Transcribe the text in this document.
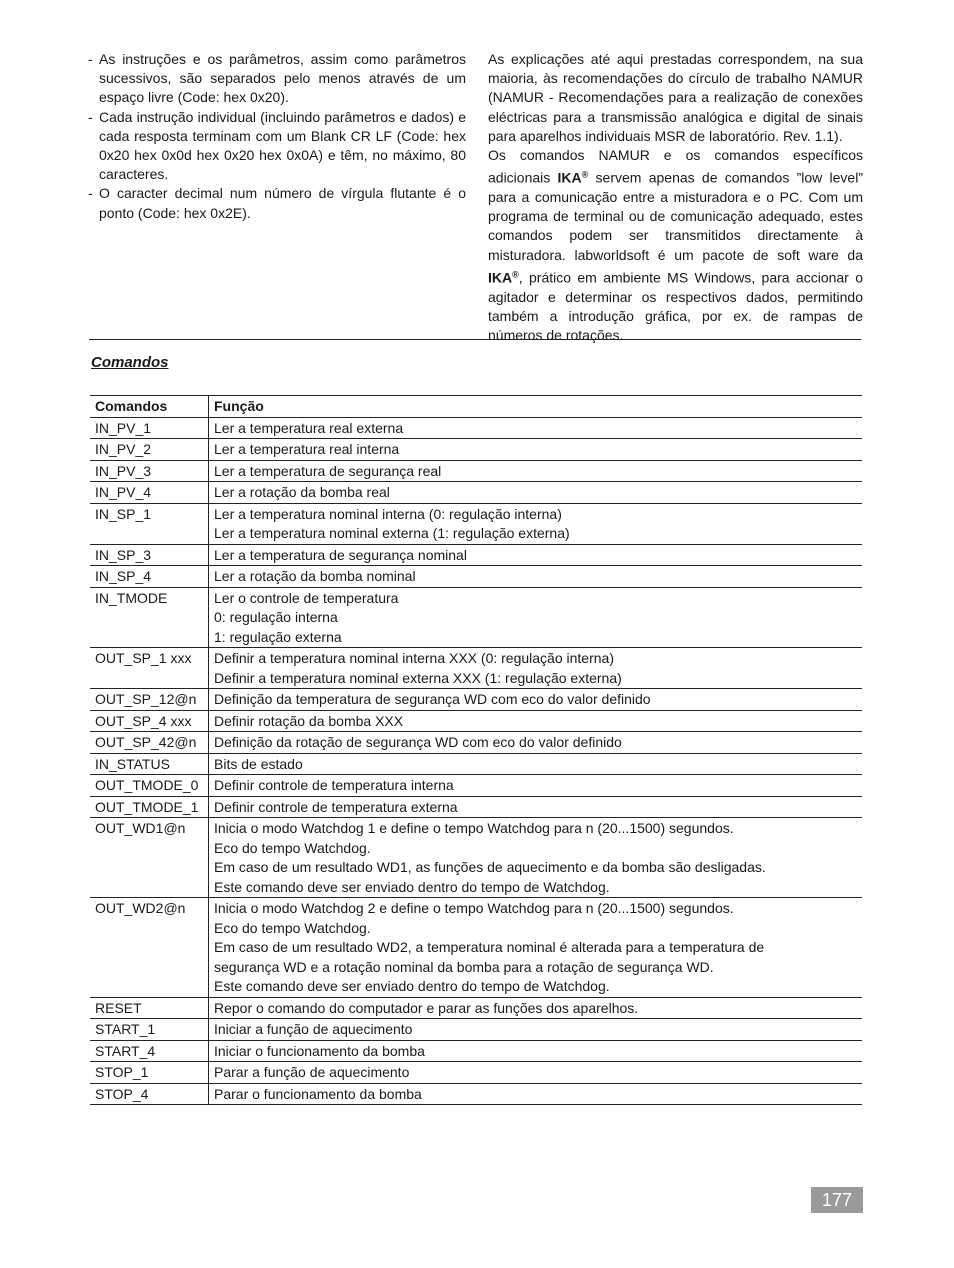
- As instruções e os parâmetros, assim como parâmetros sucessivos, são separados pelo menos através de um espaço livre (Code: hex 0x20).

- Cada instrução individual (incluindo parâmetros e dados) e cada resposta terminam com um Blank CR LF (Code: hex 0x20 hex 0x0d hex 0x20 hex 0x0A) e têm, no máximo, 80 caracteres.

- O caracter decimal num número de vírgula flutante é o ponto (Code: hex 0x2E).

As explicações até aqui prestadas correspondem, na sua maioria, às recomendações do círculo de trabalho NAMUR (NAMUR - Recomendações para a realização de conexões eléctricas para a transmissão analógica e digital de sinais para aparelhos individuais MSR de laboratório. Rev. 1.1).

Os comandos NAMUR e os comandos específicos adicionais IKA® servem apenas de comandos ”low level” para a comunicação entre a misturadora e o PC. Com um programa de terminal ou de comunicação adequado, estes comandos podem ser transmitidos directamente à misturadora. labworldsoft é um pacote de soft ware da IKA®, prático em ambiente MS Windows, para accionar o agitador e determinar os respectivos dados, permitindo também a introdução gráfica, por ex. de rampas de números de rotações.

Comandos
Comandos	Função
IN_PV_1	Ler a temperatura real externa

IN_PV_2	Ler a temperatura real interna

IN_PV_3	Ler a temperatura de segurança real

IN_PV_4	Ler a rotação da bomba real

IN_SP_1	Ler a temperatura nominal interna (0: regulação interna)
Ler a temperatura nominal externa (1: regulação externa)

IN_SP_3	Ler a temperatura de segurança nominal

IN_SP_4	Ler a rotação da bomba nominal

IN_TMODE	Ler o controle de temperatura
0: regulação interna
1: regulação externa

OUT_SP_1 xxx	Definir a temperatura nominal interna XXX (0: regulação interna)
Definir a temperatura nominal externa XXX (1: regulação externa)

OUT_SP_12@n	Definição da temperatura de segurança WD com eco do valor definido

OUT_SP_4 xxx	Definir rotação da bomba XXX

OUT_SP_42@n	Definição da rotação de segurança WD com eco do valor definido

IN_STATUS	Bits de estado

OUT_TMODE_0	Definir controle de temperatura interna

OUT_TMODE_1	Definir controle de temperatura externa

OUT_WD1@n	Inicia o modo Watchdog 1 e define o tempo Watchdog para n (20...1500) segundos.
Eco do tempo Watchdog.
Em caso de um resultado WD1, as funções de aquecimento e da bomba são desligadas.
Este comando deve ser enviado dentro do tempo de Watchdog.

OUT_WD2@n	Inicia o modo Watchdog 2 e define o tempo Watchdog para n (20...1500) segundos.
Eco do tempo Watchdog.
Em caso de um resultado WD2, a temperatura nominal é alterada para a temperatura de
segurança WD e a rotação nominal da bomba para a rotação de segurança WD.
Este comando deve ser enviado dentro do tempo de Watchdog.

RESET	Repor o comando do computador e parar as funções dos aparelhos.

START_1	Iniciar a função de aquecimento

START_4	Iniciar o funcionamento da bomba

STOP_1	Parar a função de aquecimento

STOP_4	Parar o funcionamento da bomba
177
